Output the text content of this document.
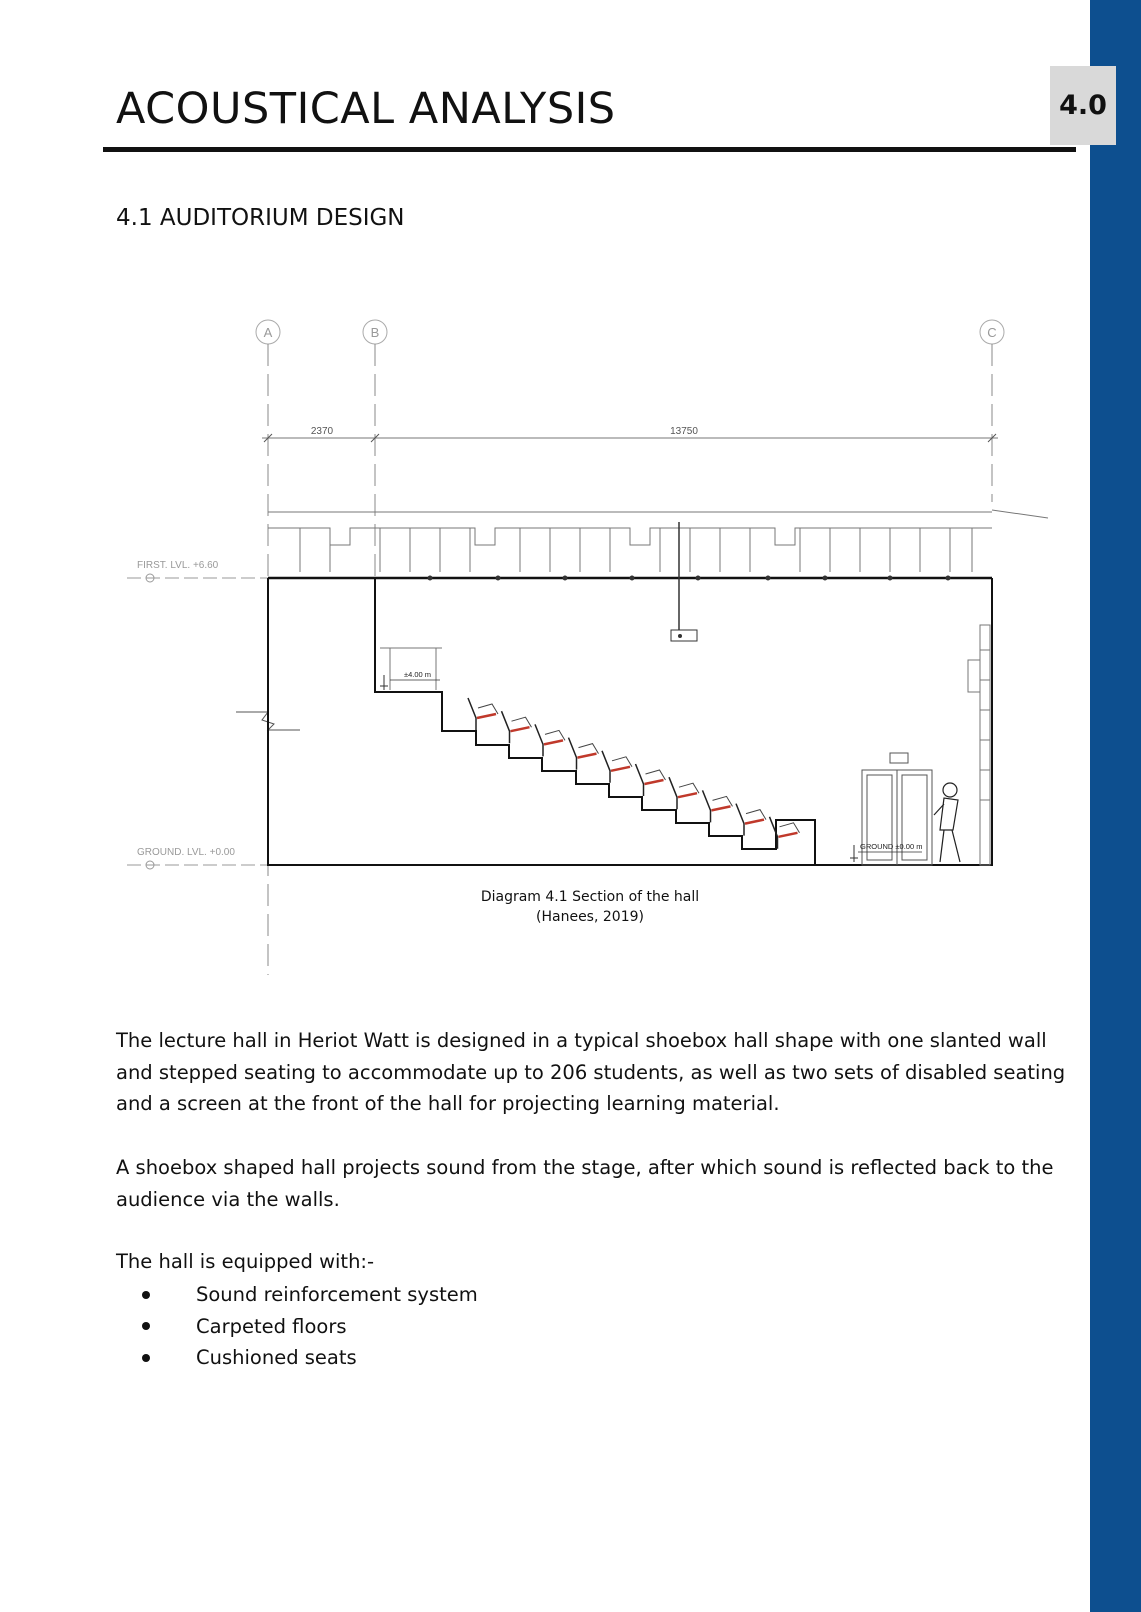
4.0
ACOUSTICAL ANALYSIS
4.1 AUDITORIUM DESIGN
A	B	C
2370	13750
FIRST. LVL. +6.60
GROUND. LVL. +0.00
±4.00 m
GROUND ±0.00 m
Diagram 4.1 Section of the hall
(Hanees, 2019)

The lecture hall in Heriot Watt is designed in a typical shoebox hall shape with one slanted wall and stepped seating to accommodate up to 206 students, as well as two sets of disabled seating and a screen at the front of the hall for projecting learning material.

A shoebox shaped hall projects sound from the stage, after which sound is reflected back to the audience via the walls.

The hall is equipped with:-

Sound reinforcement system
Carpeted floors
Cushioned seats
